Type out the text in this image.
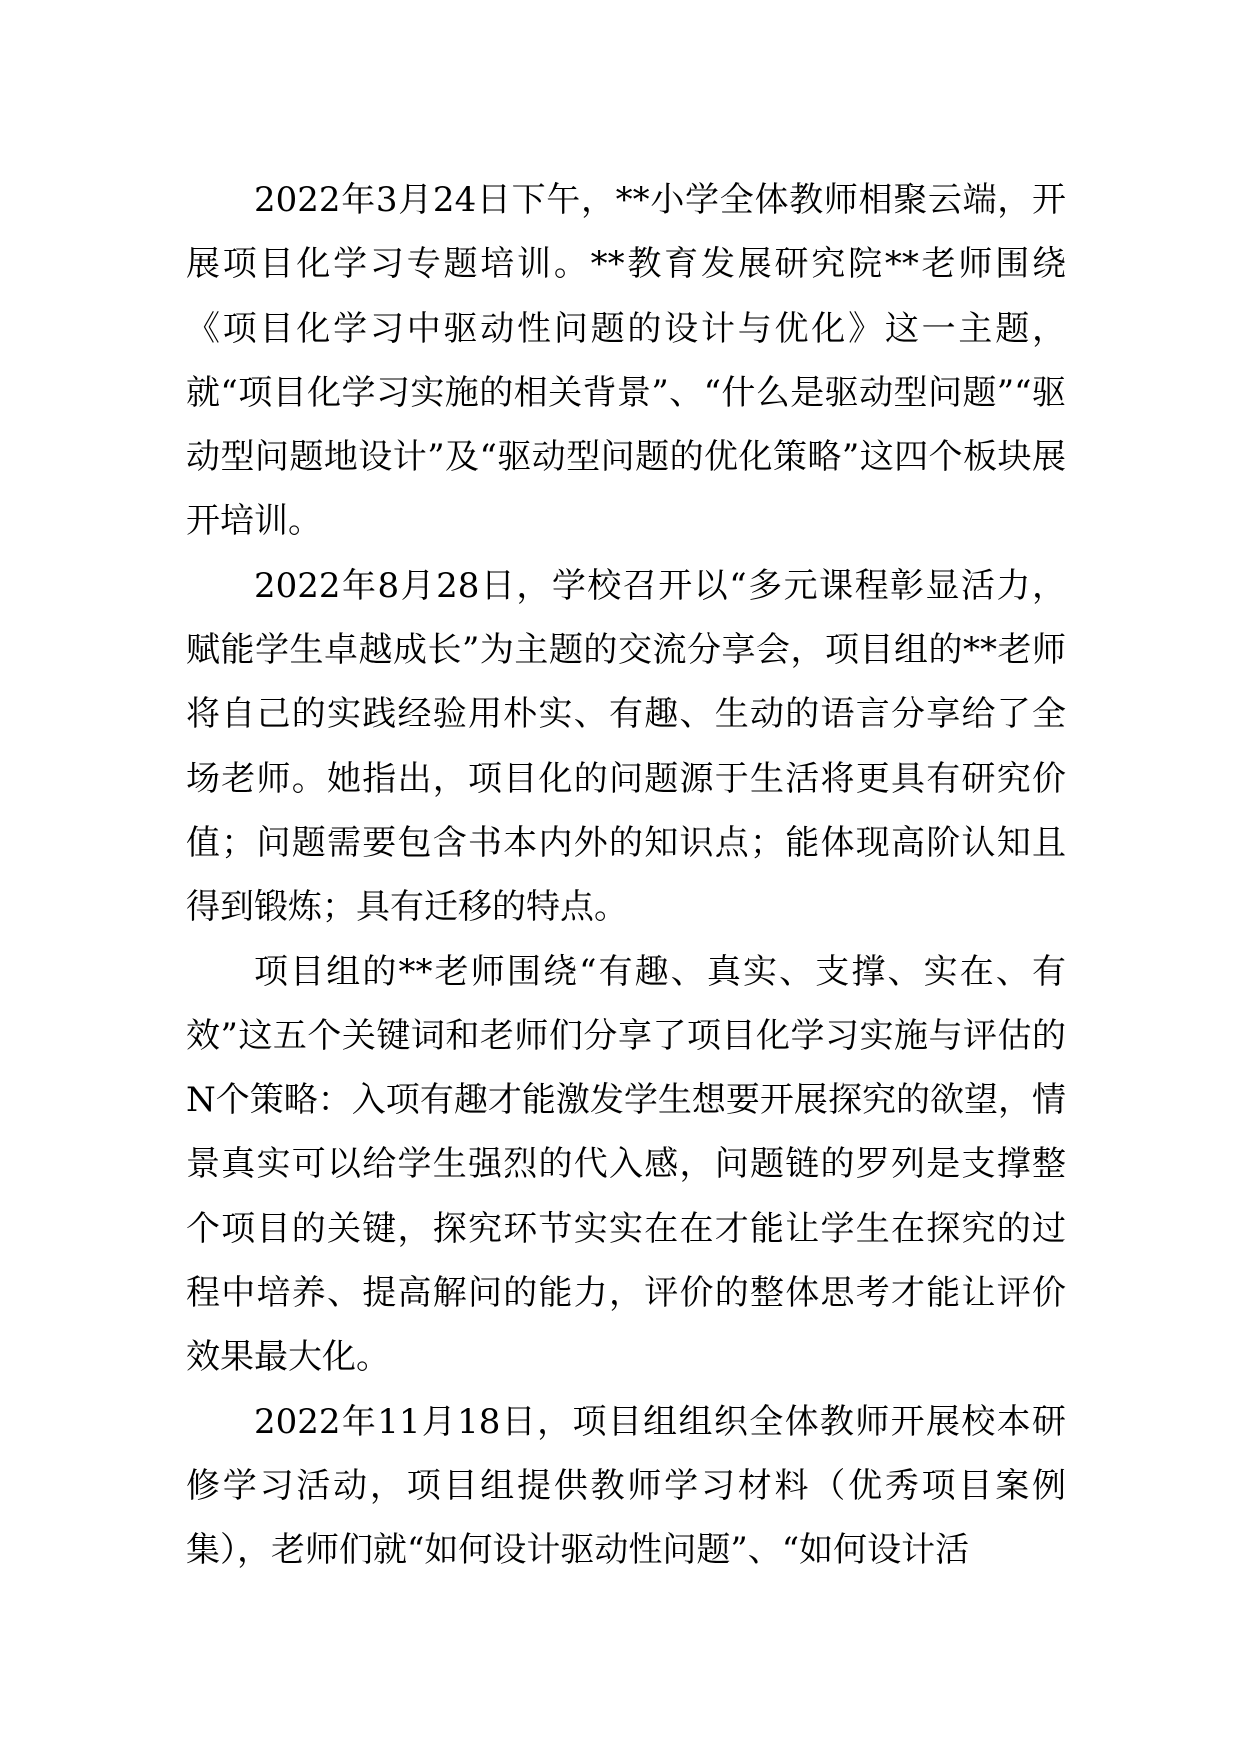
2022年3月24日下午，**小学全体教师相聚云端，开展项目化学习专题培训。**教育发展研究院**老师围绕《项目化学习中驱动性问题的设计与优化》这一主题，就“项目化学习实施的相关背景”、“什么是驱动型问题”“驱动型问题地设计”及“驱动型问题的优化策略”这四个板块展开培训。

2022年8月28日，学校召开以“多元课程彰显活力，赋能学生卓越成长”为主题的交流分享会，项目组的**老师将自己的实践经验用朴实、有趣、生动的语言分享给了全场老师。她指出，项目化的问题源于生活将更具有研究价值；问题需要包含书本内外的知识点；能体现高阶认知且得到锻炼；具有迁移的特点。

项目组的**老师围绕“有趣、真实、支撑、实在、有效”这五个关键词和老师们分享了项目化学习实施与评估的N个策略：入项有趣才能激发学生想要开展探究的欲望，情景真实可以给学生强烈的代入感，问题链的罗列是支撑整个项目的关键，探究环节实实在在才能让学生在探究的过程中培养、提高解问的能力，评价的整体思考才能让评价效果最大化。

2022年11月18日，项目组组织全体教师开展校本研修学习活动，项目组提供教师学习材料（优秀项目案例集），老师们就“如何设计驱动性问题”、“如何设计活
